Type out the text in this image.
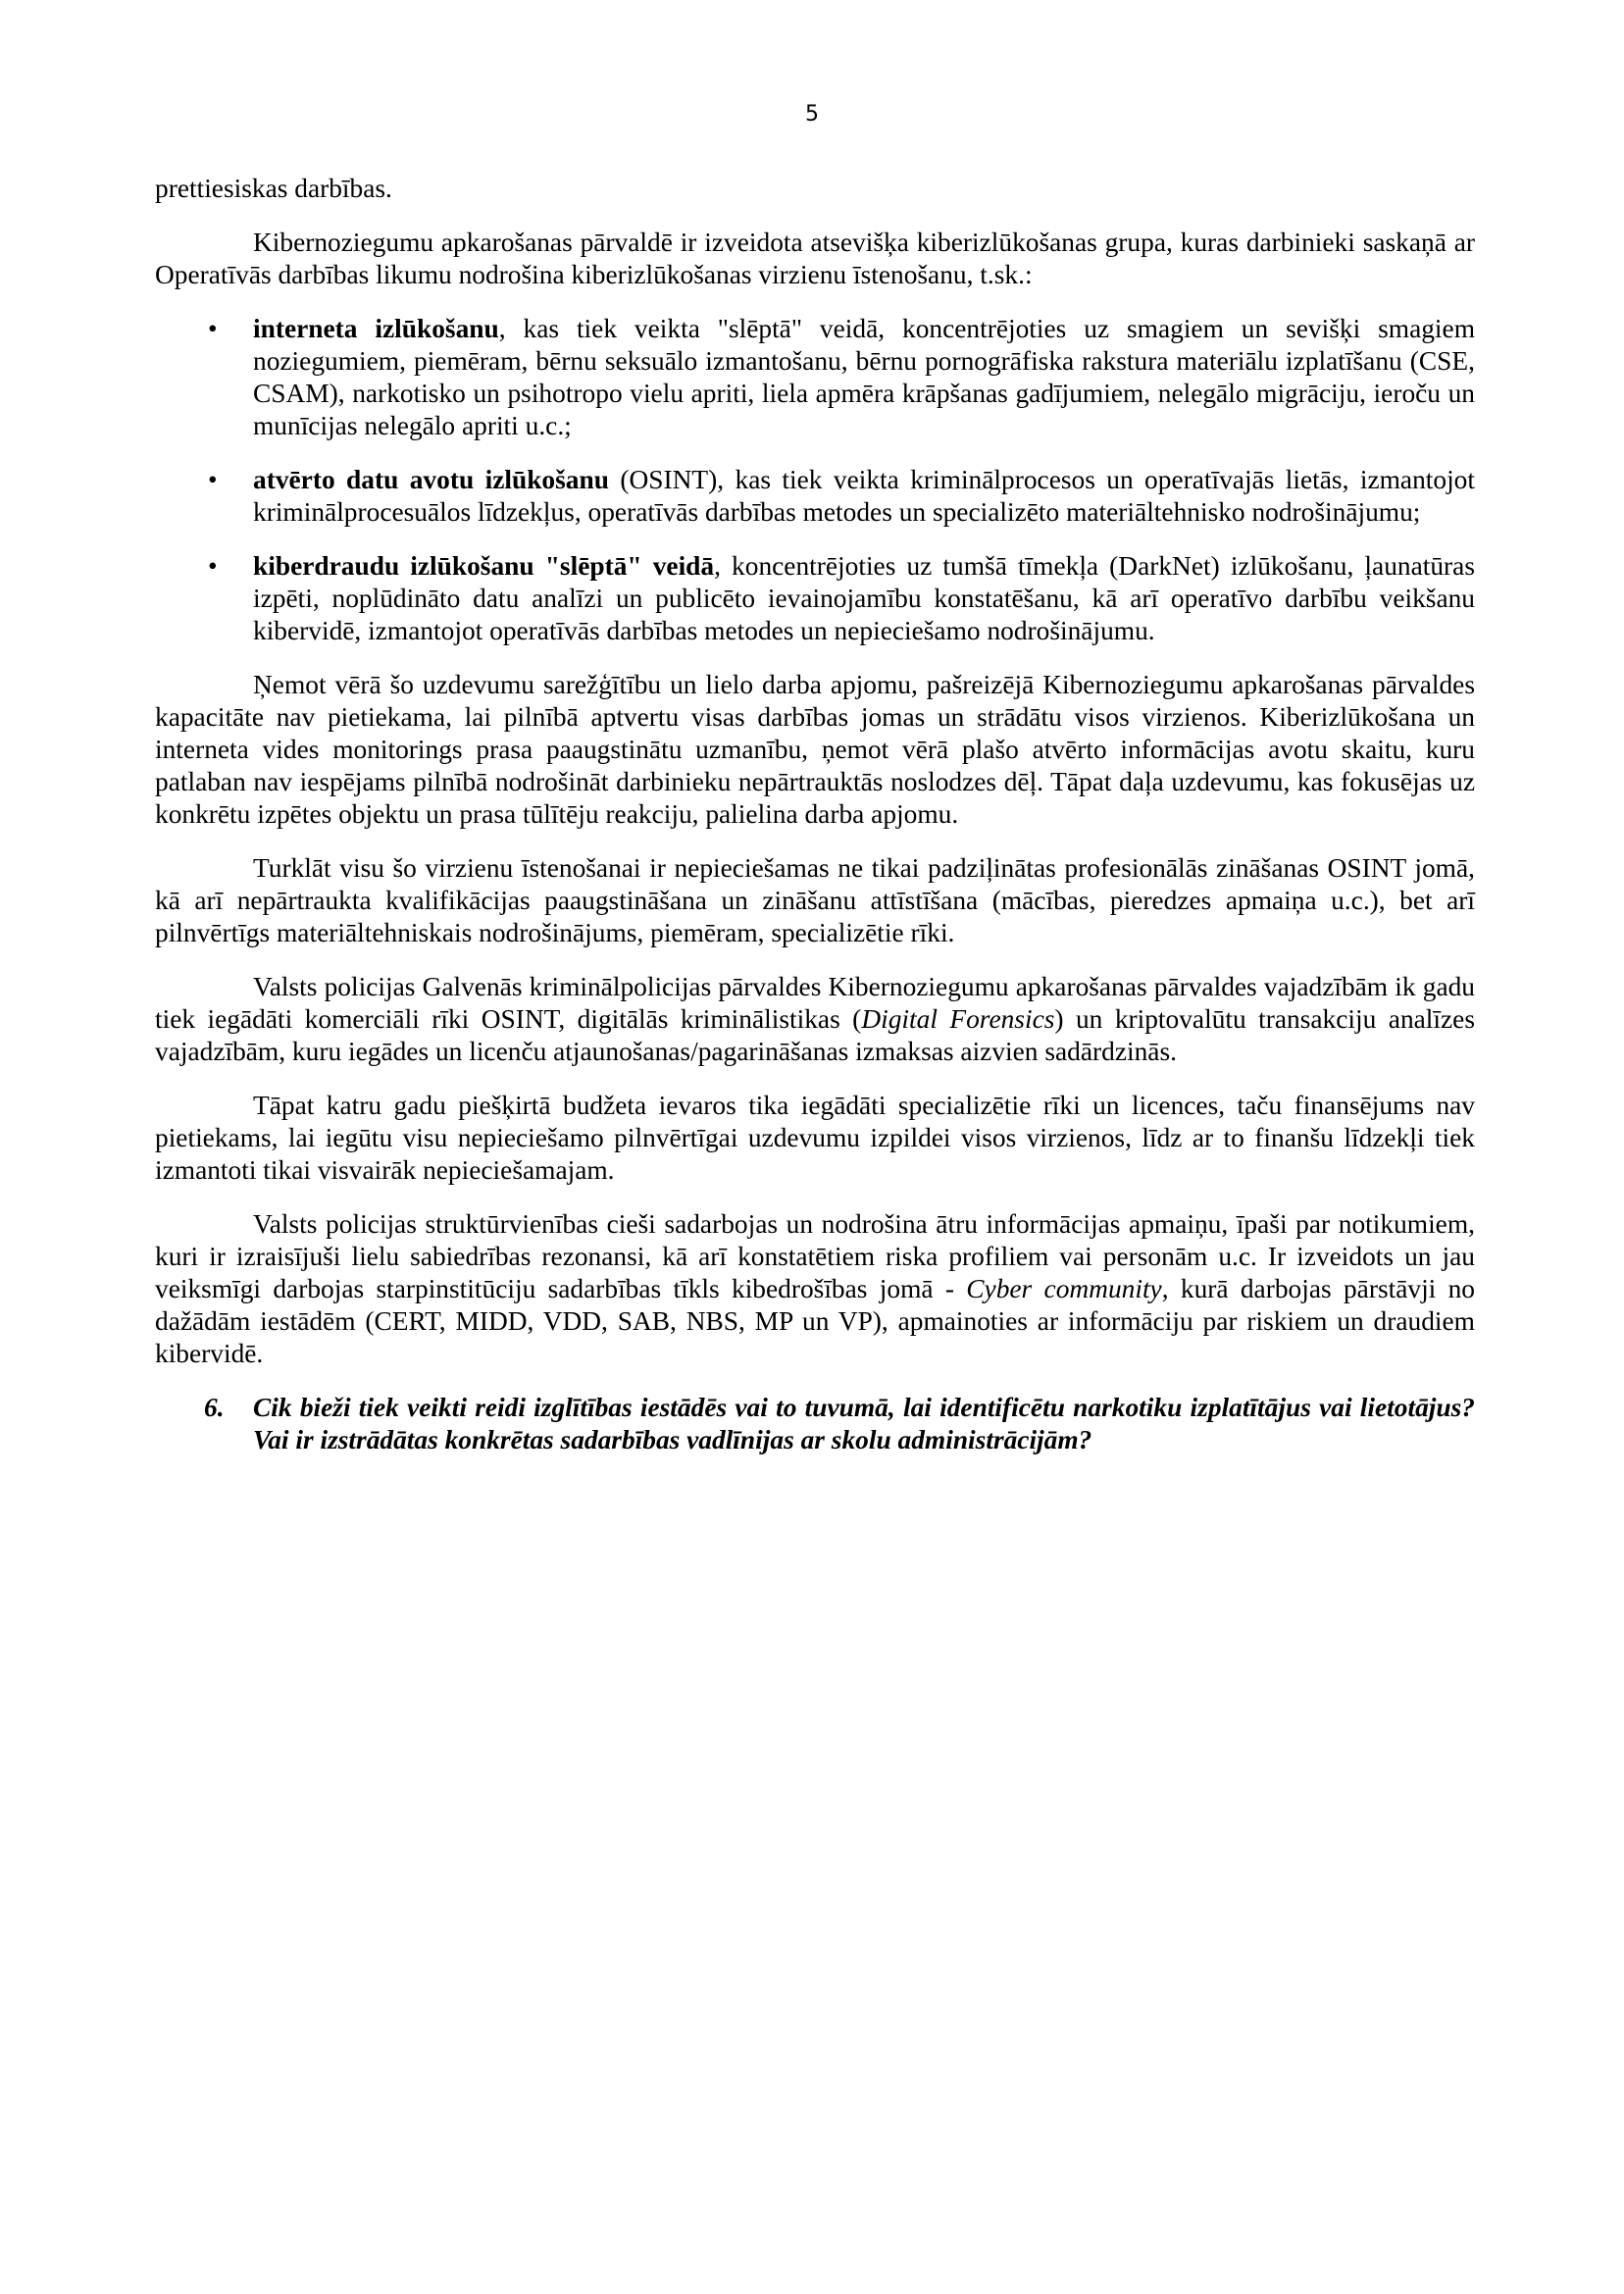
5

prettiesiskas darbības.

Kibernoziegumu apkarošanas pārvaldē ir izveidota atsevišķa kiberizlūkošanas grupa, kuras darbinieki saskaņā ar Operatīvās darbības likumu nodrošina kiberizlūkošanas virzienu īstenošanu, t.sk.:

• interneta izlūkošanu, kas tiek veikta "slēptā" veidā, koncentrējoties uz smagiem un sevišķi smagiem noziegumiem, piemēram, bērnu seksuālo izmantošanu, bērnu pornogrāfiska rakstura materiālu izplatīšanu (CSE, CSAM), narkotisko un psihotropo vielu apriti, liela apmēra krāpšanas gadījumiem, nelegālo migrāciju, ieroču un munīcijas nelegālo apriti u.c.;
• atvērto datu avotu izlūkošanu (OSINT), kas tiek veikta kriminālprocesos un operatīvajās lietās, izmantojot kriminālprocesuālos līdzekļus, operatīvās darbības metodes un specializēto materiāltehnisko nodrošinājumu;
• kiberdraudu izlūkošanu "slēptā" veidā, koncentrējoties uz tumšā tīmekļa (DarkNet) izlūkošanu, ļaunatūras izpēti, noplūdināto datu analīzi un publicēto ievainojamību konstatēšanu, kā arī operatīvo darbību veikšanu kibervidē, izmantojot operatīvās darbības metodes un nepieciešamo nodrošinājumu.

Ņemot vērā šo uzdevumu sarežģītību un lielo darba apjomu, pašreizējā Kibernoziegumu apkarošanas pārvaldes kapacitāte nav pietiekama, lai pilnībā aptvertu visas darbības jomas un strādātu visos virzienos. Kiberizlūkošana un interneta vides monitorings prasa paaugstinātu uzmanību, ņemot vērā plašo atvērto informācijas avotu skaitu, kuru patlaban nav iespējams pilnībā nodrošināt darbinieku nepārtrauktās noslodzes dēļ. Tāpat daļa uzdevumu, kas fokusējas uz konkrētu izpētes objektu un prasa tūlītēju reakciju, palielina darba apjomu.

Turklāt visu šo virzienu īstenošanai ir nepieciešamas ne tikai padziļinātas profesionālās zināšanas OSINT jomā, kā arī nepārtraukta kvalifikācijas paaugstināšana un zināšanu attīstīšana (mācības, pieredzes apmaiņa u.c.), bet arī pilnvērtīgs materiāltehniskais nodrošinājums, piemēram, specializētie rīki.

Valsts policijas Galvenās kriminālpolicijas pārvaldes Kibernoziegumu apkarošanas pārvaldes vajadzībām ik gadu tiek iegādāti komerciāli rīki OSINT, digitālās kriminālistikas (Digital Forensics) un kriptovalūtu transakciju analīzes vajadzībām, kuru iegādes un licenču atjaunošanas/pagarināšanas izmaksas aizvien sadārdzinās.

Tāpat katru gadu piešķirtā budžeta ievaros tika iegādāti specializētie rīki un licences, taču finansējums nav pietiekams, lai iegūtu visu nepieciešamo pilnvērtīgai uzdevumu izpildei visos virzienos, līdz ar to finanšu līdzekļi tiek izmantoti tikai visvairāk nepieciešamajam.

Valsts policijas struktūrvienības cieši sadarbojas un nodrošina ātru informācijas apmaiņu, īpaši par notikumiem, kuri ir izraisījuši lielu sabiedrības rezonansi, kā arī konstatētiem riska profiliem vai personām u.c. Ir izveidots un jau veiksmīgi darbojas starpinstitūciju sadarbības tīkls kibedrošības jomā - Cyber community, kurā darbojas pārstāvji no dažādām iestādēm (CERT, MIDD, VDD, SAB, NBS, MP un VP), apmainoties ar informāciju par riskiem un draudiem kibervidē.

6. Cik bieži tiek veikti reidi izglītības iestādēs vai to tuvumā, lai identificētu narkotiku izplatītājus vai lietotājus? Vai ir izstrādātas konkrētas sadarbības vadlīnijas ar skolu administrācijām?
